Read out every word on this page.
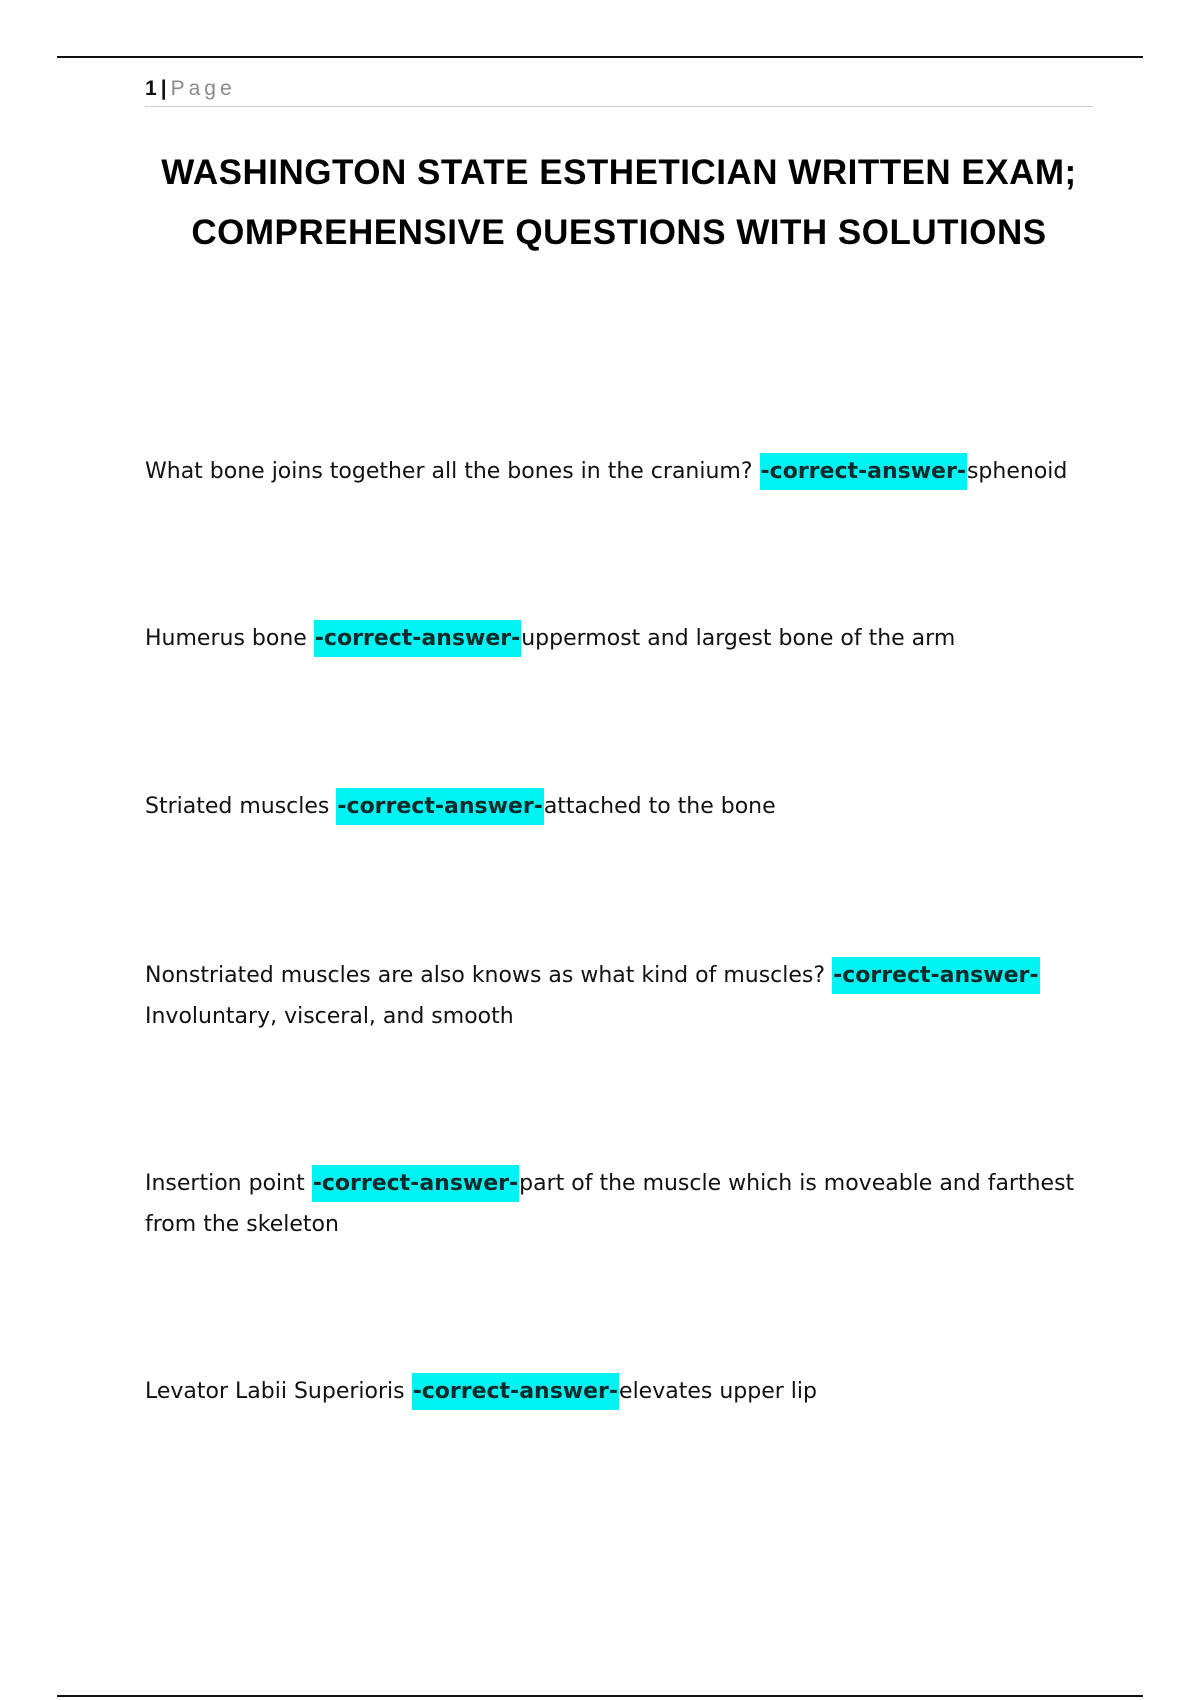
1 | Page
WASHINGTON STATE ESTHETICIAN WRITTEN EXAM; COMPREHENSIVE QUESTIONS WITH SOLUTIONS

What bone joins together all the bones in the cranium? -correct-answer-sphenoid

Humerus bone -correct-answer-uppermost and largest bone of the arm

Striated muscles -correct-answer-attached to the bone

Nonstriated muscles are also knows as what kind of muscles? -correct-answer-Involuntary, visceral, and smooth

Insertion point -correct-answer-part of the muscle which is moveable and farthest from the skeleton

Levator Labii Superioris -correct-answer-elevates upper lip
